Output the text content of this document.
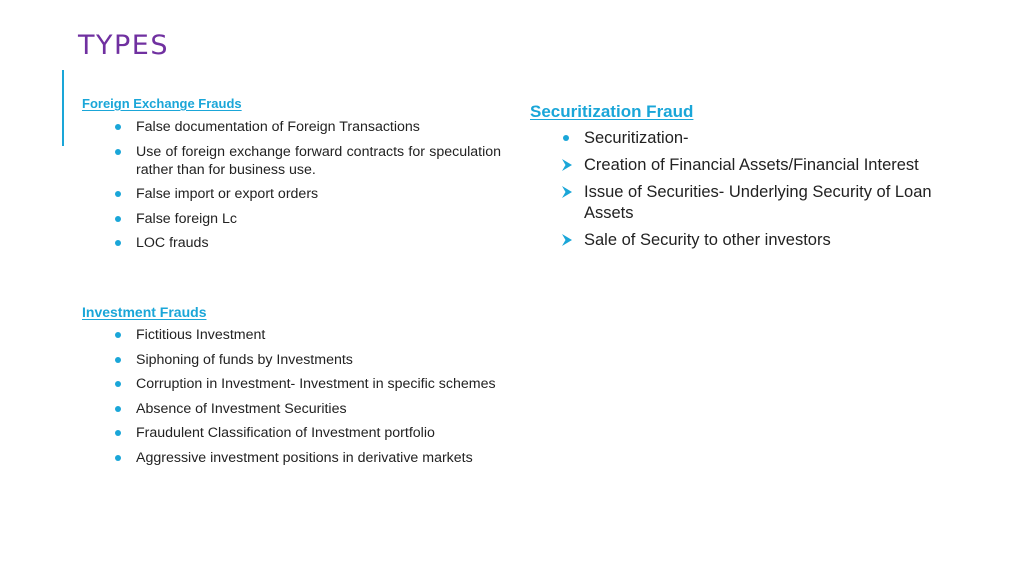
TYPES
Foreign Exchange Frauds
False documentation of Foreign Transactions
Use of foreign exchange forward contracts for speculation rather than for business use.
False import or export orders
False foreign Lc
LOC frauds
Investment Frauds
Fictitious Investment
Siphoning of funds by Investments
Corruption in Investment- Investment in specific schemes
Absence of Investment Securities
Fraudulent Classification of Investment portfolio
Aggressive investment positions in derivative markets
Securitization Fraud
Securitization-
Creation of Financial Assets/Financial Interest
Issue of Securities- Underlying Security of Loan Assets
Sale of Security to other investors
